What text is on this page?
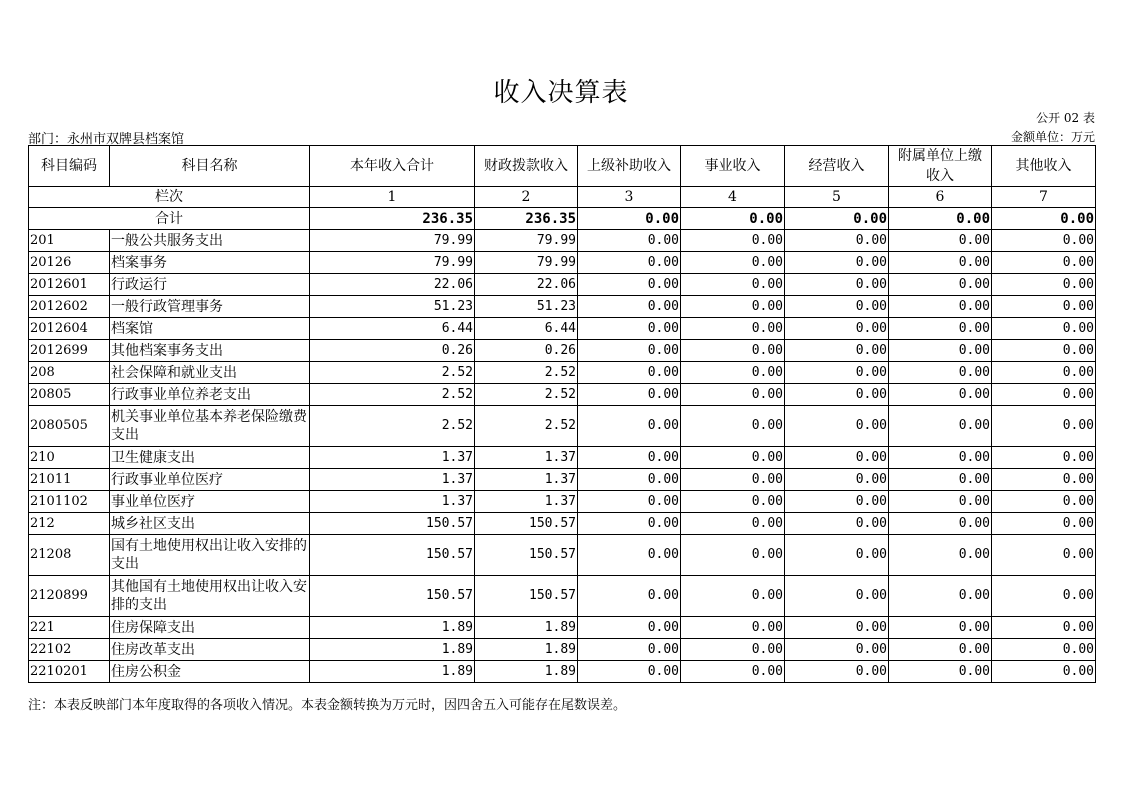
收入决算表
公开 02 表
部门：永州市双牌县档案馆	金额单位：万元
科目编码	科目名称	本年收入合计	财政拨款收入	上级补助收入	事业收入	经营收入	附属单位上缴收入	其他收入
栏次		1	2	3	4	5	6	7
合计		236.35	236.35	0.00	0.00	0.00	0.00	0.00
201	一般公共服务支出	79.99	79.99	0.00	0.00	0.00	0.00	0.00
20126	档案事务	79.99	79.99	0.00	0.00	0.00	0.00	0.00
2012601	行政运行	22.06	22.06	0.00	0.00	0.00	0.00	0.00
2012602	一般行政管理事务	51.23	51.23	0.00	0.00	0.00	0.00	0.00
2012604	档案馆	6.44	6.44	0.00	0.00	0.00	0.00	0.00
2012699	其他档案事务支出	0.26	0.26	0.00	0.00	0.00	0.00	0.00
208	社会保障和就业支出	2.52	2.52	0.00	0.00	0.00	0.00	0.00
20805	行政事业单位养老支出	2.52	2.52	0.00	0.00	0.00	0.00	0.00
2080505	机关事业单位基本养老保险缴费支出	2.52	2.52	0.00	0.00	0.00	0.00	0.00
210	卫生健康支出	1.37	1.37	0.00	0.00	0.00	0.00	0.00
21011	行政事业单位医疗	1.37	1.37	0.00	0.00	0.00	0.00	0.00
2101102	事业单位医疗	1.37	1.37	0.00	0.00	0.00	0.00	0.00
212	城乡社区支出	150.57	150.57	0.00	0.00	0.00	0.00	0.00
21208	国有土地使用权出让收入安排的支出	150.57	150.57	0.00	0.00	0.00	0.00	0.00
2120899	其他国有土地使用权出让收入安排的支出	150.57	150.57	0.00	0.00	0.00	0.00	0.00
221	住房保障支出	1.89	1.89	0.00	0.00	0.00	0.00	0.00
22102	住房改革支出	1.89	1.89	0.00	0.00	0.00	0.00	0.00
2210201	住房公积金	1.89	1.89	0.00	0.00	0.00	0.00	0.00
注：本表反映部门本年度取得的各项收入情况。本表金额转换为万元时，因四舍五入可能存在尾数误差。
